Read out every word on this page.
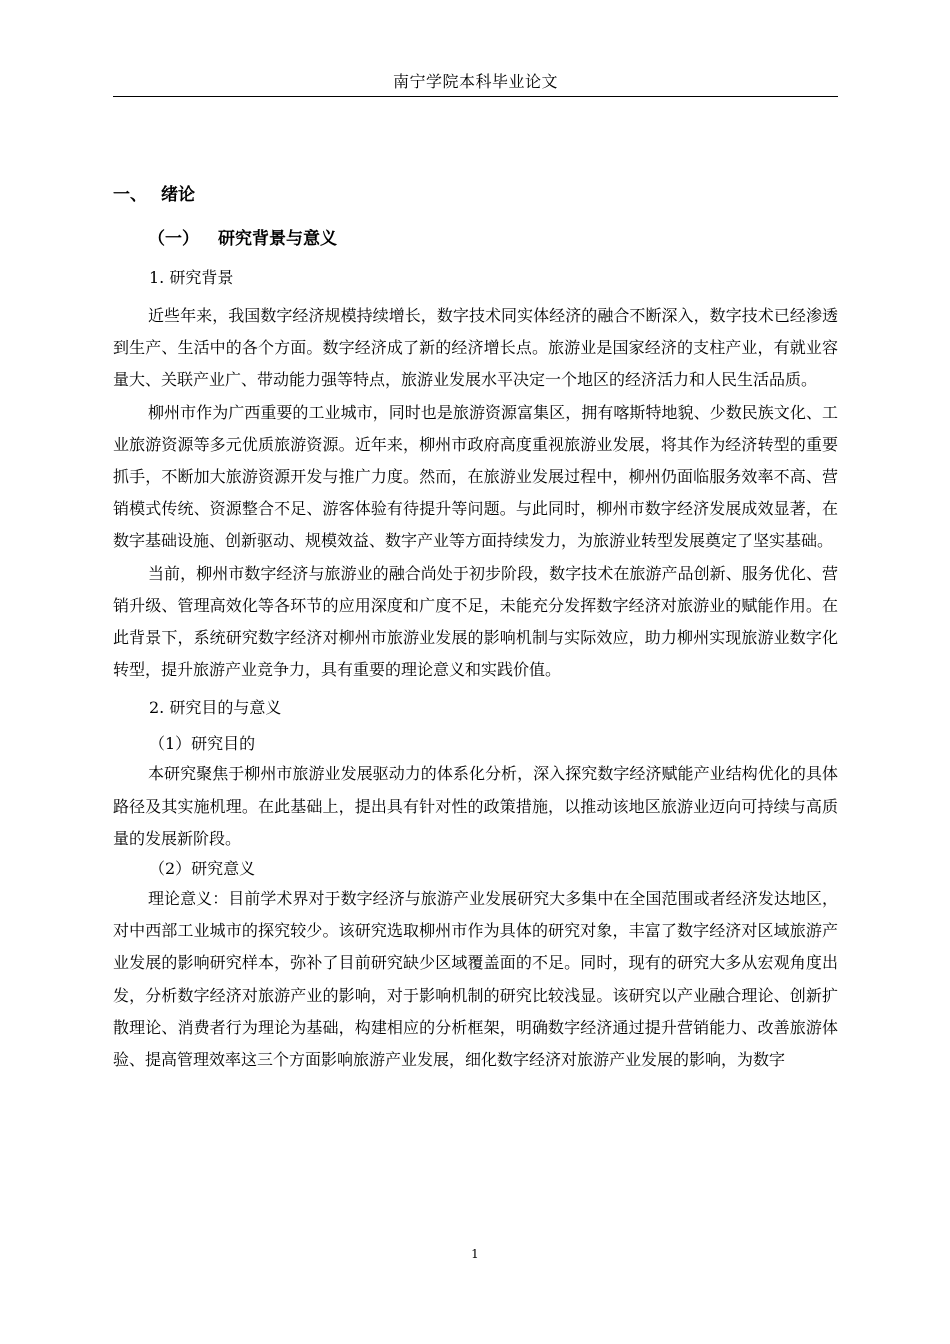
南宁学院本科毕业论文
一、 绪论
（一） 研究背景与意义
1. 研究背景

近些年来，我国数字经济规模持续增长，数字技术同实体经济的融合不断深入，数字技术已经渗透到生产、生活中的各个方面。数字经济成了新的经济增长点。旅游业是国家经济的支柱产业，有就业容量大、关联产业广、带动能力强等特点，旅游业发展水平决定一个地区的经济活力和人民生活品质。

柳州市作为广西重要的工业城市，同时也是旅游资源富集区，拥有喀斯特地貌、少数民族文化、工业旅游资源等多元优质旅游资源。近年来，柳州市政府高度重视旅游业发展，将其作为经济转型的重要抓手，不断加大旅游资源开发与推广力度。然而，在旅游业发展过程中，柳州仍面临服务效率不高、营销模式传统、资源整合不足、游客体验有待提升等问题。与此同时，柳州市数字经济发展成效显著，在数字基础设施、创新驱动、规模效益、数字产业等方面持续发力，为旅游业转型发展奠定了坚实基础。

当前，柳州市数字经济与旅游业的融合尚处于初步阶段，数字技术在旅游产品创新、服务优化、营销升级、管理高效化等各环节的应用深度和广度不足，未能充分发挥数字经济对旅游业的赋能作用。在此背景下，系统研究数字经济对柳州市旅游业发展的影响机制与实际效应，助力柳州实现旅游业数字化转型，提升旅游产业竞争力，具有重要的理论意义和实践价值。

2. 研究目的与意义
（1）研究目的

本研究聚焦于柳州市旅游业发展驱动力的体系化分析，深入探究数字经济赋能产业结构优化的具体路径及其实施机理。在此基础上，提出具有针对性的政策措施，以推动该地区旅游业迈向可持续与高质量的发展新阶段。

（2）研究意义

理论意义：目前学术界对于数字经济与旅游产业发展研究大多集中在全国范围或者经济发达地区，对中西部工业城市的探究较少。该研究选取柳州市作为具体的研究对象，丰富了数字经济对区域旅游产业发展的影响研究样本，弥补了目前研究缺少区域覆盖面的不足。同时，现有的研究大多从宏观角度出发，分析数字经济对旅游产业的影响，对于影响机制的研究比较浅显。该研究以产业融合理论、创新扩散理论、消费者行为理论为基础，构建相应的分析框架，明确数字经济通过提升营销能力、改善旅游体验、提高管理效率这三个方面影响旅游产业发展，细化数字经济对旅游产业发展的影响，为数字

1
